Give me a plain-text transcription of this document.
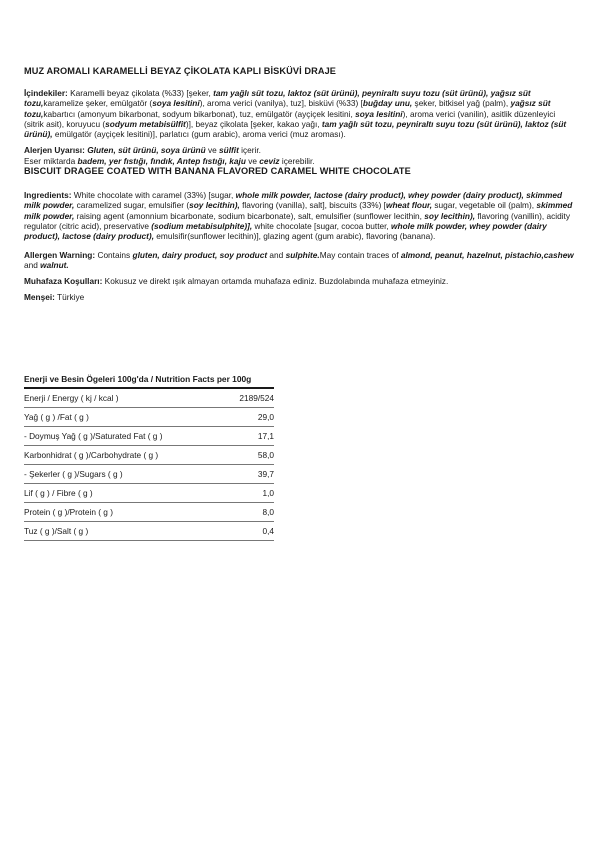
MUZ AROMALI KARAMELLİ BEYAZ ÇİKOLATA KAPLI BİSKÜVİ DRAJE

İçindekiler: Karamelli beyaz çikolata (%33) [şeker, tam yağlı süt tozu, laktoz (süt ürünü), peyniraltı suyu tozu (süt ürünü), yağsız süt tozu,karamelize şeker, emülgatör (soya lesitini), aroma verici (vanilya), tuz], bisküvi (%33) [buğday unu, şeker, bitkisel yağ (palm), yağsız süt tozu,kabartıcı (amonyum bikarbonat, sodyum bikarbonat), tuz, emülgatör (ayçiçek lesitini, soya lesitini), aroma verici (vanilin), asitlik düzenleyici (sitrik asit), koruyucu (sodyum metabisülfit)], beyaz çikolata [şeker, kakao yağı, tam yağlı süt tozu, peyniraltı suyu tozu (süt ürünü), laktoz (süt ürünü), emülgatör (ayçiçek lesitini)], parlatıcı (gum arabic), aroma verici (muz aroması).

Alerjen Uyarısı: Gluten, süt ürünü, soya ürünü ve sülfit içerir.

Eser miktarda badem, yer fıstığı, fındık, Antep fıstığı, kaju ve ceviz içerebilir.

BISCUIT DRAGEE COATED WITH BANANA FLAVORED CARAMEL WHITE CHOCOLATE

Ingredients: White chocolate with caramel (33%) [sugar, whole milk powder, lactose (dairy product), whey powder (dairy product), skimmed milk powder, caramelized sugar, emulsifier (soy lecithin), flavoring (vanilla), salt], biscuits (33%) [wheat flour, sugar, vegetable oil (palm), skimmed milk powder, raising agent (amonnium bicarbonate, sodium bicarbonate), salt, emulsifier (sunflower lecithin, soy lecithin), flavoring (vanillin), acidity regulator (citric acid), preservative (sodium metabisulphite)], white chocolate [sugar, cocoa butter, whole milk powder, whey powder (dairy product), lactose (dairy product), emulsifir(sunflower lecithin)], glazing agent (gum arabic), flavoring (banana).

Allergen Warning: Contains gluten, dairy product, soy product and sulphite.May contain traces of almond, peanut, hazelnut, pistachio,cashew and walnut.

Muhafaza Koşulları: Kokusuz ve direkt ışık almayan ortamda muhafaza ediniz. Buzdolabında muhafaza etmeyiniz.

Menşei: Türkiye

Enerji ve Besin Ögeleri 100g'da / Nutrition Facts per 100g
Enerji / Energy ( kj / kcal )	2189/524
Yağ ( g ) /Fat ( g )	29,0
- Doymuş Yağ ( g )/Saturated Fat ( g )	17,1
Karbonhidrat ( g )/Carbohydrate ( g )	58,0
- Şekerler ( g )/Sugars ( g )	39,7
Lif ( g ) / Fibre ( g )	1,0
Protein ( g )/Protein ( g )	8,0
Tuz ( g )/Salt ( g )	0,4
